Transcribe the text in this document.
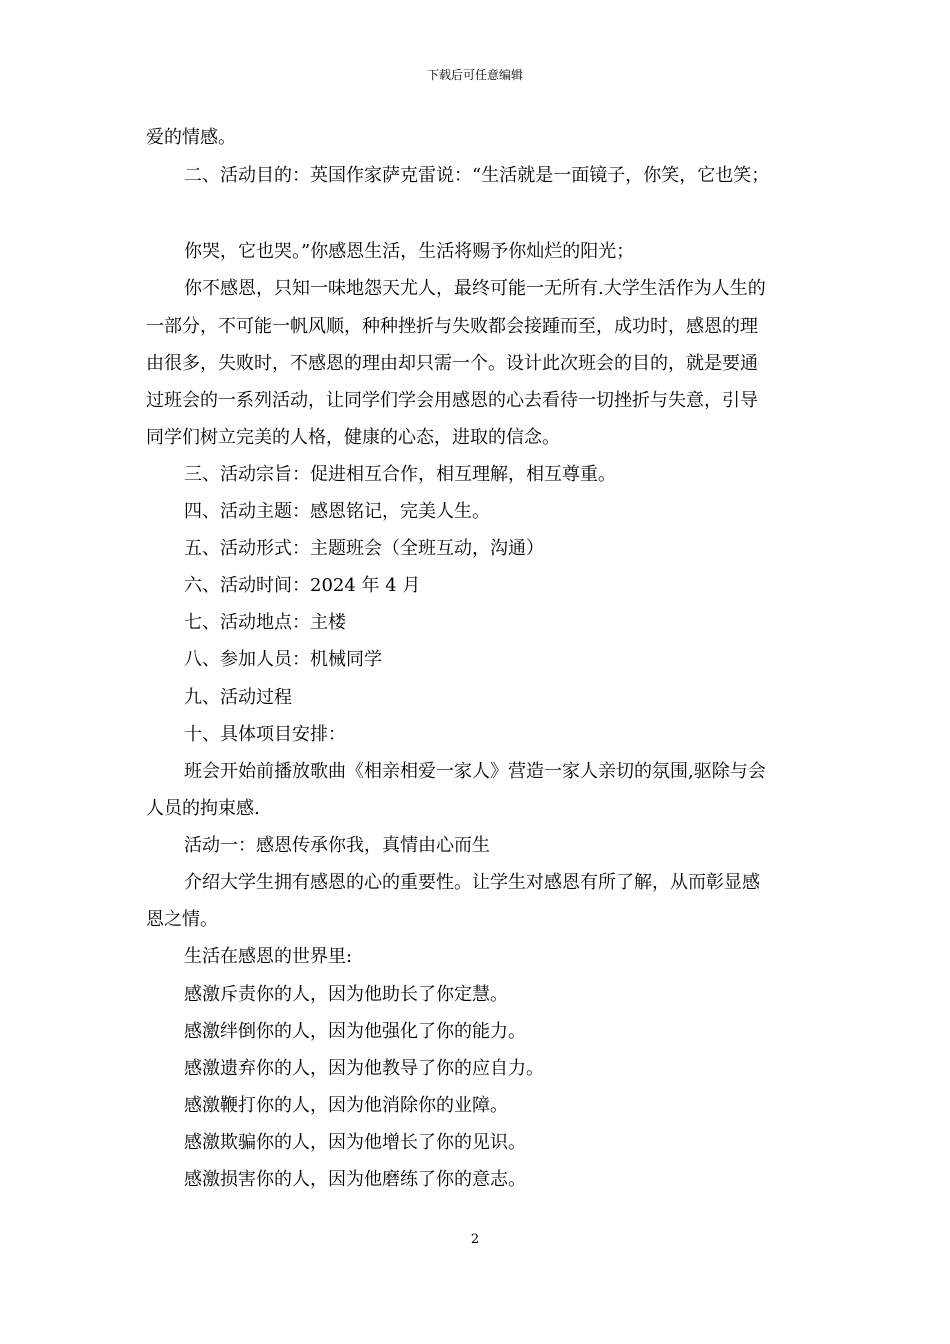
下载后可任意编辑
爱的情感。
二、活动目的：英国作家萨克雷说：“生活就是一面镜子，你笑，它也笑；
你哭，它也哭。”你感恩生活，生活将赐予你灿烂的阳光；
你不感恩，只知一味地怨天尤人，最终可能一无所有.大学生活作为人生的
一部分，不可能一帆风顺，种种挫折与失败都会接踵而至，成功时，感恩的理
由很多，失败时，不感恩的理由却只需一个。设计此次班会的目的，就是要通
过班会的一系列活动，让同学们学会用感恩的心去看待一切挫折与失意，引导
同学们树立完美的人格，健康的心态，进取的信念。
三、活动宗旨：促进相互合作，相互理解，相互尊重。
四、活动主题：感恩铭记，完美人生。
五、活动形式：主题班会（全班互动，沟通）
六、活动时间：2024 年 4 月
七、活动地点：主楼
八、参加人员：机械同学
九、活动过程
十、具体项目安排：
班会开始前播放歌曲《相亲相爱一家人》营造一家人亲切的氛围,驱除与会
人员的拘束感.
活动一：感恩传承你我，真情由心而生
介绍大学生拥有感恩的心的重要性。让学生对感恩有所了解，从而彰显感
恩之情。
生活在感恩的世界里:
感激斥责你的人，因为他助长了你定慧。
感激绊倒你的人，因为他强化了你的能力。
感激遗弃你的人，因为他教导了你的应自力。
感激鞭打你的人，因为他消除你的业障。
感激欺骗你的人，因为他增长了你的见识。
感激损害你的人，因为他磨练了你的意志。
2
